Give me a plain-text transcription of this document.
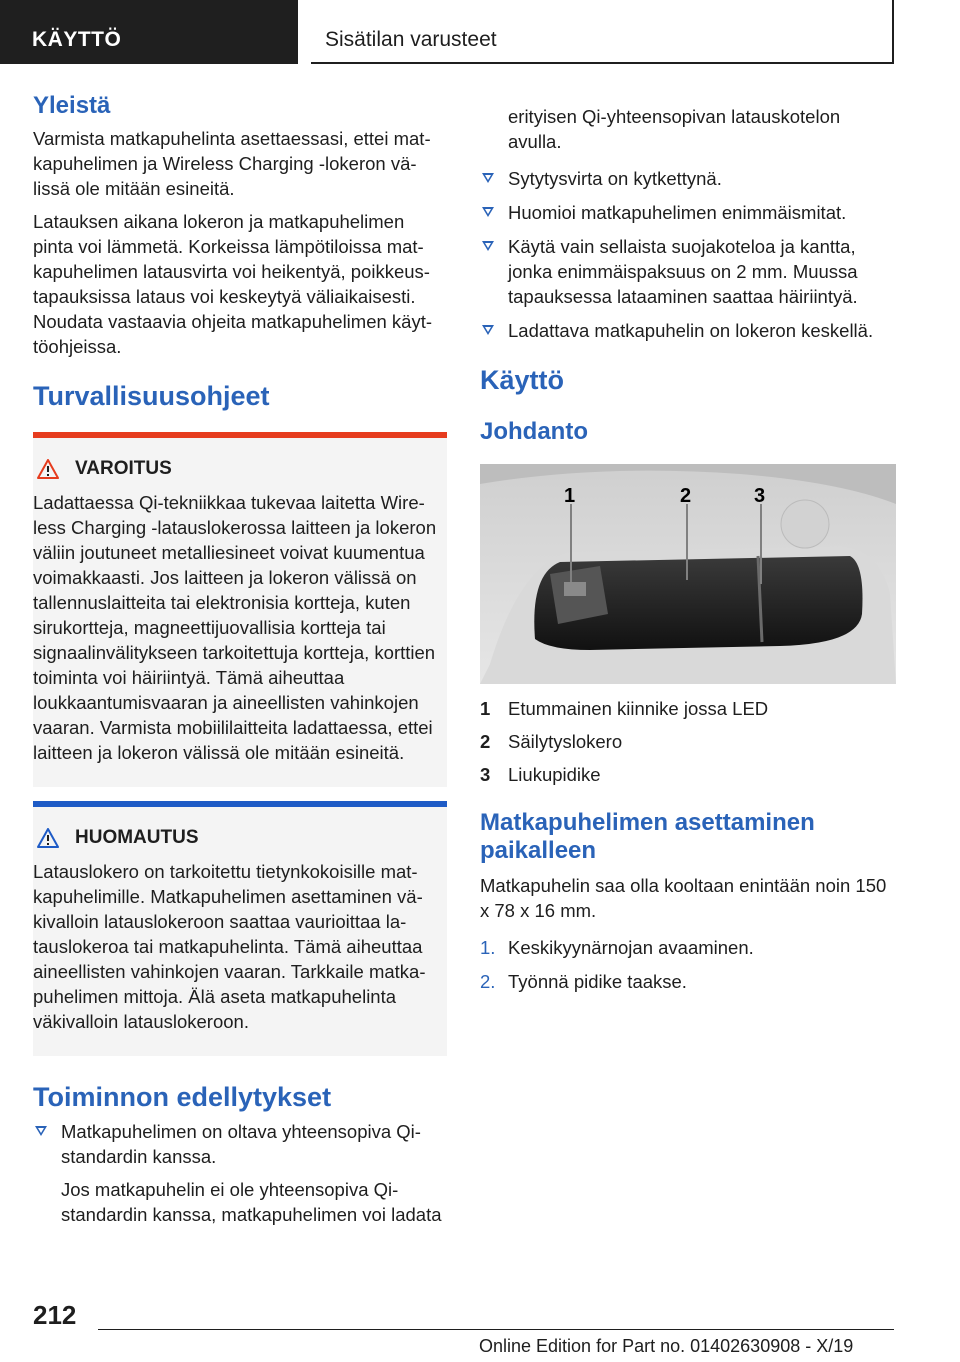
KÄYTTÖ	Sisätilan varusteet
Yleistä

Varmista matkapuhelinta asettaessasi, ettei matkapuhelimen ja Wireless Charging -lokeron välissä ole mitään esineitä.

Latauksen aikana lokeron ja matkapuhelimen pinta voi lämmetä. Korkeissa lämpötiloissa matkapuhelimen latausvirta voi heikentyä, poikkeustapauksissa lataus voi keskeytyä väliaikaisesti. Noudata vastaavia ohjeita matkapuhelimen käyttöohjeissa.

Turvallisuusohjeet
VAROITUS

Ladattaessa Qi-tekniikkaa tukevaa laitetta Wireless Charging -latauslokerossa laitteen ja lokeron väliin joutuneet metalliesineet voivat kuumentua voimakkaasti. Jos laitteen ja lokeron välissä on tallennuslaitteita tai elektronisia kortteja, kuten sirukortteja, magneettijuovallisia kortteja tai signaalinvälitykseen tarkoitettuja kortteja, korttien toiminta voi häiriintyä. Tämä aiheuttaa loukkaantumisvaaran ja aineellisten vahinkojen vaaran. Varmista mobiililaitteita ladattaessa, ettei laitteen ja lokeron välissä ole mitään esineitä.

HUOMAUTUS

Latauslokero on tarkoitettu tietynkokoisille matkapuhelimille. Matkapuhelimen asettaminen väkivalloin latauslokeroon saattaa vaurioittaa latauslokeroa tai matkapuhelinta. Tämä aiheuttaa aineellisten vahinkojen vaaran. Tarkkaile matkapuhelimen mittoja. Älä aseta matkapuhelinta väkivalloin latauslokeroon.

Toiminnon edellytykset

Matkapuhelimen on oltava yhteensopiva Qi-standardin kanssa.

Jos matkapuhelin ei ole yhteensopiva Qi-standardin kanssa, matkapuhelimen voi ladata

erityisen Qi-yhteensopivan latauskotelon avulla.

Sytytysvirta on kytkettynä.

Huomioi matkapuhelimen enimmäismitat.

Käytä vain sellaista suojakoteloa ja kantta, jonka enimmäispaksuus on 2 mm. Muussa tapauksessa lataaminen saattaa häiriintyä.

Ladattava matkapuhelin on lokeron keskellä.

Käyttö
Johdanto
1	2	3
1 Etummainen kiinnike jossa LED
2 Säilytyslokero
3 Liukupidike
Matkapuhelimen asettaminen paikalleen

Matkapuhelin saa olla kooltaan enintään noin 150 x 78 x 16 mm.

1. Keskikyynärnojan avaaminen.
2. Työnnä pidike taakse.
212
Online Edition for Part no. 01402630908 - X/19
